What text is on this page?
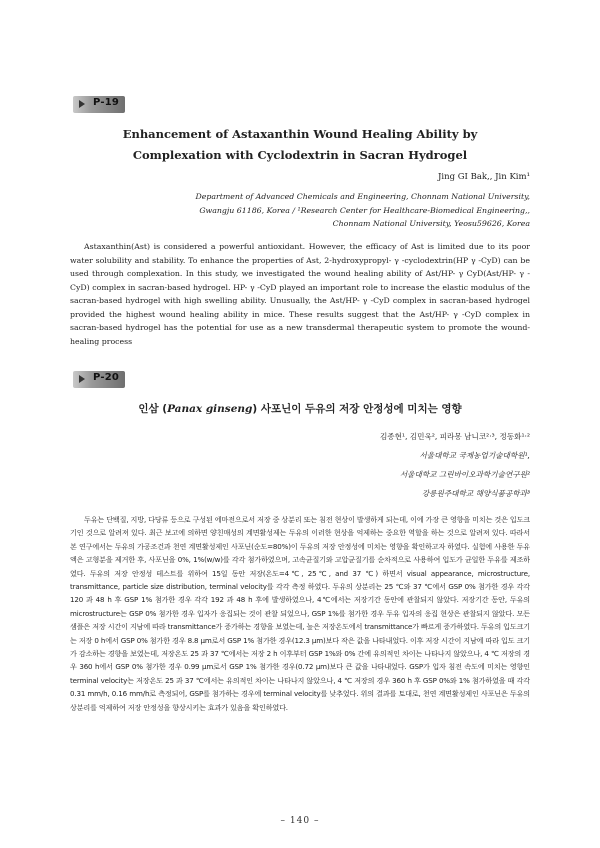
P-19
Enhancement of Astaxanthin Wound Healing Ability by
Complexation with Cyclodextrin in Sacran Hydrogel
Jing GI Bak,, Jin Kim¹
Department of Advanced Chemicals and Engineering, Chonnam National University,
Gwangju 61186, Korea / ¹Research Center for Healthcare-Biomedical Engineering,,
Chonnam National University, Yeosu59626, Korea

Astaxanthin(Ast) is considered a powerful antioxidant. However, the efficacy of Ast is limited due to its poor water solubility and stability. To enhance the properties of Ast, 2-hydroxypropyl- γ -cyclodextrin(HP γ -CyD) can be used through complexation. In this study, we investigated the wound healing ability of Ast/HP- γ CyD(Ast/HP- γ -CyD) complex in sacran-based hydrogel. HP- γ -CyD played an important role to increase the elastic modulus of the sacran-based hydrogel with high swelling ability. Unusually, the Ast/HP- γ -CyD complex in sacran-based hydrogel provided the highest wound healing ability in mice. These results suggest that the Ast/HP- γ -CyD complex in sacran-based hydrogel has the potential for use as a new transdermal therapeutic system to promote the wound-healing process

P-20
인삼 (Panax ginseng) 사포닌이 두유의 저장 안정성에 미치는 영향
김종현¹, 김민욱², 피라몽 남니코²·³, 정동화¹·²
서울대학교 국제농업기술대학원¹,
서울대학교 그린바이오과학기술연구원²
강릉원주대학교 해양식품공학과³

두유는 단백질, 지방, 다당류 등으로 구성된 에마전으로서 저장 중 상분리 또는 침전 현상이 발생하게 되는데, 이에 가장 큰 영향을 미치는 것은 입도크기인 것으로 알려져 있다. 최근 보고에 의하면 양친매성의 계면활성제는 두유의 이러한 현상을 억제하는 중요한 역할을 하는 것으로 알려져 있다. 따라서 본 연구에서는 두유의 가공조건과 천연 계면활성제인 사포닌(순도=80%)이 두유의 저장 안정성에 미치는 영향을 확인하고자 하였다. 실험에 사용한 두유액은 고형분을 제거한 후, 사포닌을 0%, 1%(w/w)를 각각 첨가하였으며, 고속균질기와 고압균질기를 순차적으로 사용하여 입도가 균일한 두유를 제조하였다. 두유의 저장 안정성 테스트를 위하여 15일 동안 저장(온도=4℃, 25℃, and 37 ℃) 하면서 visual appearance, microstructure, transmittance, particle size distribution, terminal velocity를 각각 측정 하였다. 두유의 상분리는 25 ℃와 37 ℃에서 GSP 0% 첨가한 경우 각각 120 과 48 h 후 GSP 1% 첨가한 경우 각각 192 과 48 h 후에 발생하였으나, 4℃에서는 저장기간 동안에 관찰되지 않았다. 저장기간 동안, 두유의 microstructure는 GSP 0% 첨가한 경우 입자가 응집되는 것이 관찰 되었으나, GSP 1%를 첨가한 경우 두유 입자의 응집 현상은 관찰되지 않았다. 모든 샘플은 저장 시간이 지남에 따라 transmittance가 증가하는 경향을 보였는데, 높은 저장온도에서 transmittance가 빠르게 증가하였다. 두유의 입도크기는 저장 0 h에서 GSP 0% 첨가한 경우 8.8 μm로서 GSP 1% 첨가한 경우(12.3 μm)보다 작은 값을 나타내었다. 이후 저장 시간이 지남에 따라 입도 크기가 감소하는 경향을 보였는데, 저장온도 25 과 37 ℃에서는 저장 2 h 이후부터 GSP 1%와 0% 간에 유의적인 차이는 나타나지 않았으나, 4 ℃ 저장의 경우 360 h에서 GSP 0% 첨가한 경우 0.99 μm로서 GSP 1% 첨가한 경우(0.72 μm)보다 큰 값을 나타내었다. GSP가 입자 침전 속도에 미치는 영향인 terminal velocity는 저장온도 25 과 37 ℃에서는 유의적인 차이는 나타나지 않았으나, 4 ℃ 저장의 경우 360 h 후 GSP 0%와 1% 첨가하였을 때 각각 0.31 mm/h, 0.16 mm/h로 측정되어, GSP를 첨가하는 경우에 terminal velocity를 낮추었다. 위의 결과를 토대로, 천연 계면활성제인 사포닌은 두유의 상분리를 억제하여 저장 안정성을 향상시키는 효과가 있음을 확인하였다.

– 140 –
